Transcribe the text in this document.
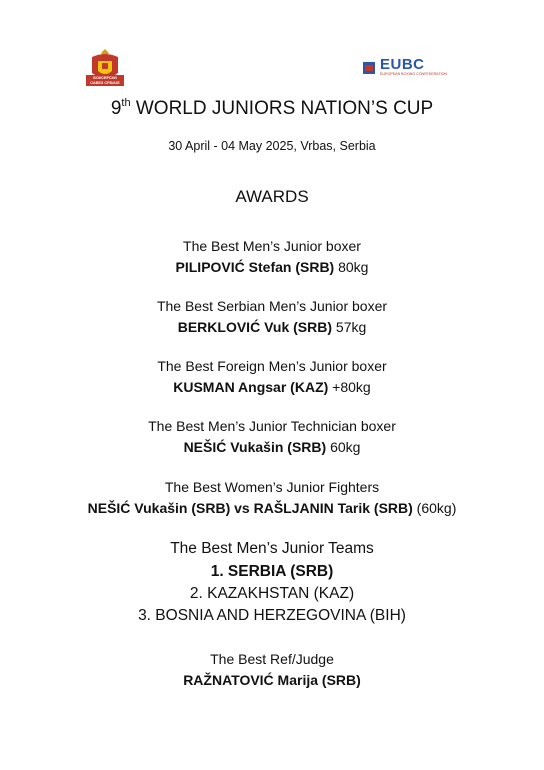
БОКСЕРСКИ САВЕЗ СРБИЈЕ
EUBC
EUROPEAN BOXING CONFEDERATION
9th WORLD JUNIORS NATION’S CUP
30 April - 04 May 2025, Vrbas, Serbia
AWARDS
The Best Men’s Junior boxer
PILIPOVIĆ Stefan (SRB) 80kg
The Best Serbian Men’s Junior boxer
BERKLOVIĆ Vuk (SRB) 57kg
The Best Foreign Men’s Junior boxer
KUSMAN Angsar (KAZ) +80kg
The Best Men’s Junior Technician boxer
NEŠIĆ Vukašin (SRB) 60kg
The Best Women’s Junior Fighters
NEŠIĆ Vukašin (SRB) vs RAŠLJANIN Tarik (SRB) (60kg)
The Best Men’s Junior Teams
1. SERBIA (SRB)
2. KAZAKHSTAN (KAZ)
3. BOSNIA AND HERZEGOVINA (BIH)
The Best Ref/Judge
RAŽNATOVIĆ Marija (SRB)
